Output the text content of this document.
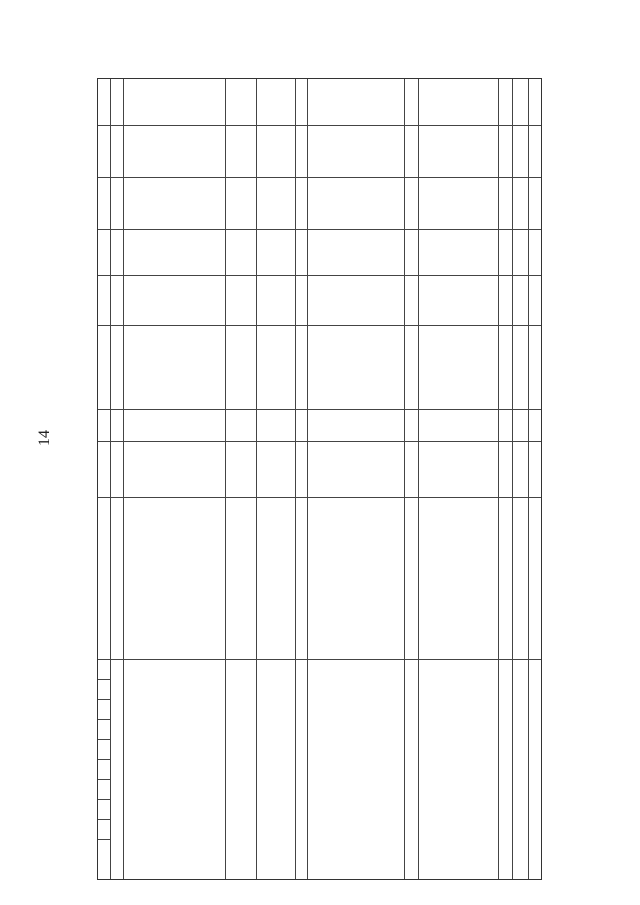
14
